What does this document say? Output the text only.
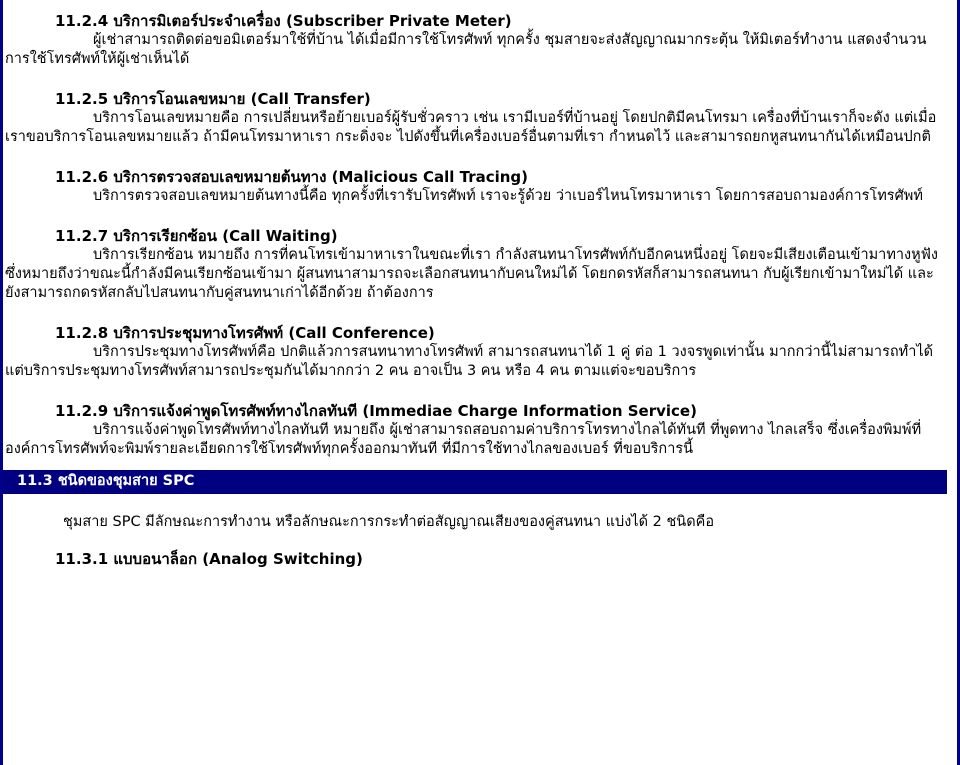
11.2.4 บริการมิเตอร์ประจำเครื่อง (Subscriber Private Meter)
ผู้เช่าสามารถติดต่อขอมิเตอร์มาใช้ที่บ้าน ได้เมื่อมีการใช้โทรศัพท์ ทุกครั้ง ชุมสายจะส่งสัญญาณมากระตุ้น ให้มิเตอร์ทำงาน แสดงจำนวนการใช้โทรศัพท์ให้ผู้เช่าเห็นได้
11.2.5 บริการโอนเลขหมาย (Call Transfer)
บริการโอนเลขหมายคือ การเปลี่ยนหรือย้ายเบอร์ผู้รับชั่วคราว เช่น เรามีเบอร์ที่บ้านอยู่ โดยปกติมีคนโทรมา เครื่องที่บ้านเราก็จะดัง แต่เมื่อเราขอบริการโอนเลขหมายแล้ว ถ้ามีคนโทรมาหาเรา กระดิ่งจะ ไปดังขึ้นที่เครื่องเบอร์อื่นตามที่เรา กำหนดไว้ และสามารถยกหูสนทนากันได้เหมือนปกติ
11.2.6 บริการตรวจสอบเลขหมายต้นทาง (Malicious Call Tracing)
บริการตรวจสอบเลขหมายต้นทางนี้คือ ทุกครั้งที่เรารับโทรศัพท์ เราจะรู้ด้วย ว่าเบอร์ไหนโทรมาหาเรา โดยการสอบถามองค์การโทรศัพท์
11.2.7 บริการเรียกซ้อน (Call Waiting)
บริการเรียกซ้อน หมายถึง การที่คนโทรเข้ามาหาเราในขณะที่เรา กำลังสนทนาโทรศัพท์กับอีกคนหนึ่งอยู่ โดยจะมีเสียงเตือนเข้ามาทางหูฟัง ซึ่งหมายถึงว่าขณะนี้กำลังมีคนเรียกซ้อนเข้ามา ผู้สนทนาสามารถจะเลือกสนทนากับคนใหม่ได้ โดยกดรหัสก็สามารถสนทนา กับผู้เรียกเข้ามาใหม่ได้ และยังสามารถกดรหัสกลับไปสนทนากับคู่สนทนาเก่าได้อีกด้วย ถ้าต้องการ
11.2.8 บริการประชุมทางโทรศัพท์ (Call Conference)
บริการประชุมทางโทรศัพท์คือ ปกติแล้วการสนทนาทางโทรศัพท์ สามารถสนทนาได้ 1 คู่ ต่อ 1 วงจรพูดเท่านั้น มากกว่านี้ไม่สามารถทำได้ แต่บริการประชุมทางโทรศัพท์สามารถประชุมกันได้มากกว่า 2 คน อาจเป็น 3 คน หรือ 4 คน ตามแต่จะขอบริการ
11.2.9 บริการแจ้งค่าพูดโทรศัพท์ทางไกลทันที (Immediae Charge Information Service)
บริการแจ้งค่าพูดโทรศัพท์ทางไกลทันที หมายถึง ผู้เช่าสามารถสอบถามค่าบริการโทรทางไกลได้ทันที ที่พูดทาง ไกลเสร็จ ซึ่งเครื่องพิมพ์ที่องค์การโทรศัพท์จะพิมพ์รายละเอียดการใช้โทรศัพท์ทุกครั้งออกมาทันที ที่มีการใช้ทางไกลของเบอร์ ที่ขอบริการนี้
11.3 ชนิดของชุมสาย SPC
ชุมสาย SPC มีลักษณะการทำงาน หรือลักษณะการกระทำต่อสัญญาณเสียงของคู่สนทนา แบ่งได้ 2 ชนิดคือ
11.3.1 แบบอนาล็อก (Analog Switching)
